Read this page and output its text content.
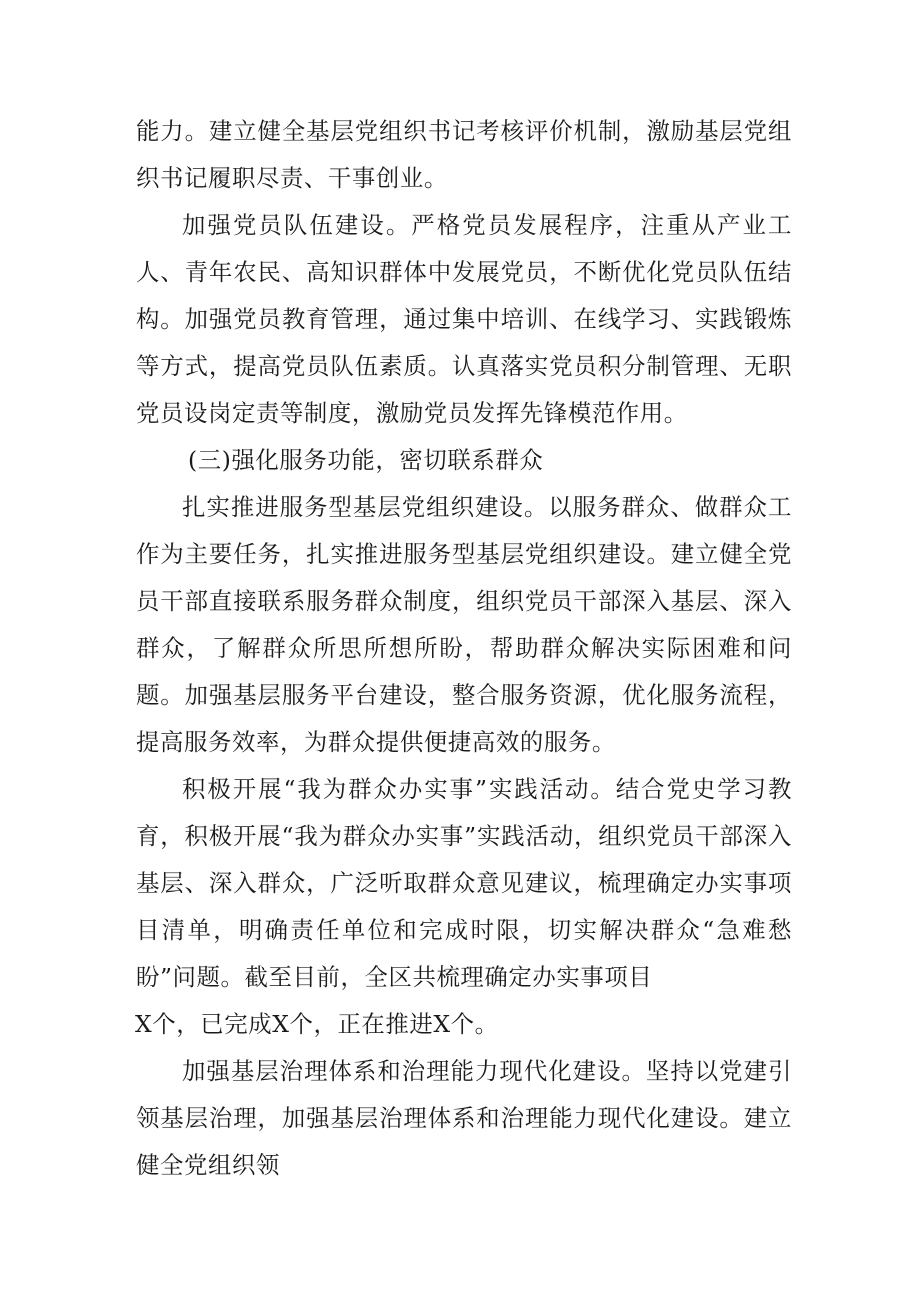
能力。建立健全基层党组织书记考核评价机制，激励基层党组织书记履职尽责、干事创业。

加强党员队伍建设。严格党员发展程序，注重从产业工人、青年农民、高知识群体中发展党员，不断优化党员队伍结构。加强党员教育管理，通过集中培训、在线学习、实践锻炼等方式，提高党员队伍素质。认真落实党员积分制管理、无职党员设岗定责等制度，激励党员发挥先锋模范作用。

(三)强化服务功能，密切联系群众

扎实推进服务型基层党组织建设。以服务群众、做群众工作为主要任务，扎实推进服务型基层党组织建设。建立健全党员干部直接联系服务群众制度，组织党员干部深入基层、深入群众，了解群众所思所想所盼，帮助群众解决实际困难和问题。加强基层服务平台建设，整合服务资源，优化服务流程，提高服务效率，为群众提供便捷高效的服务。

积极开展“我为群众办实事”实践活动。结合党史学习教育，积极开展“我为群众办实事”实践活动，组织党员干部深入基层、深入群众，广泛听取群众意见建议，梳理确定办实事项目清单，明确责任单位和完成时限，切实解决群众“急难愁盼”问题。截至目前，全区共梳理确定办实事项目

X个，已完成X个，正在推进X个。

加强基层治理体系和治理能力现代化建设。坚持以党建引领基层治理，加强基层治理体系和治理能力现代化建设。建立健全党组织领
